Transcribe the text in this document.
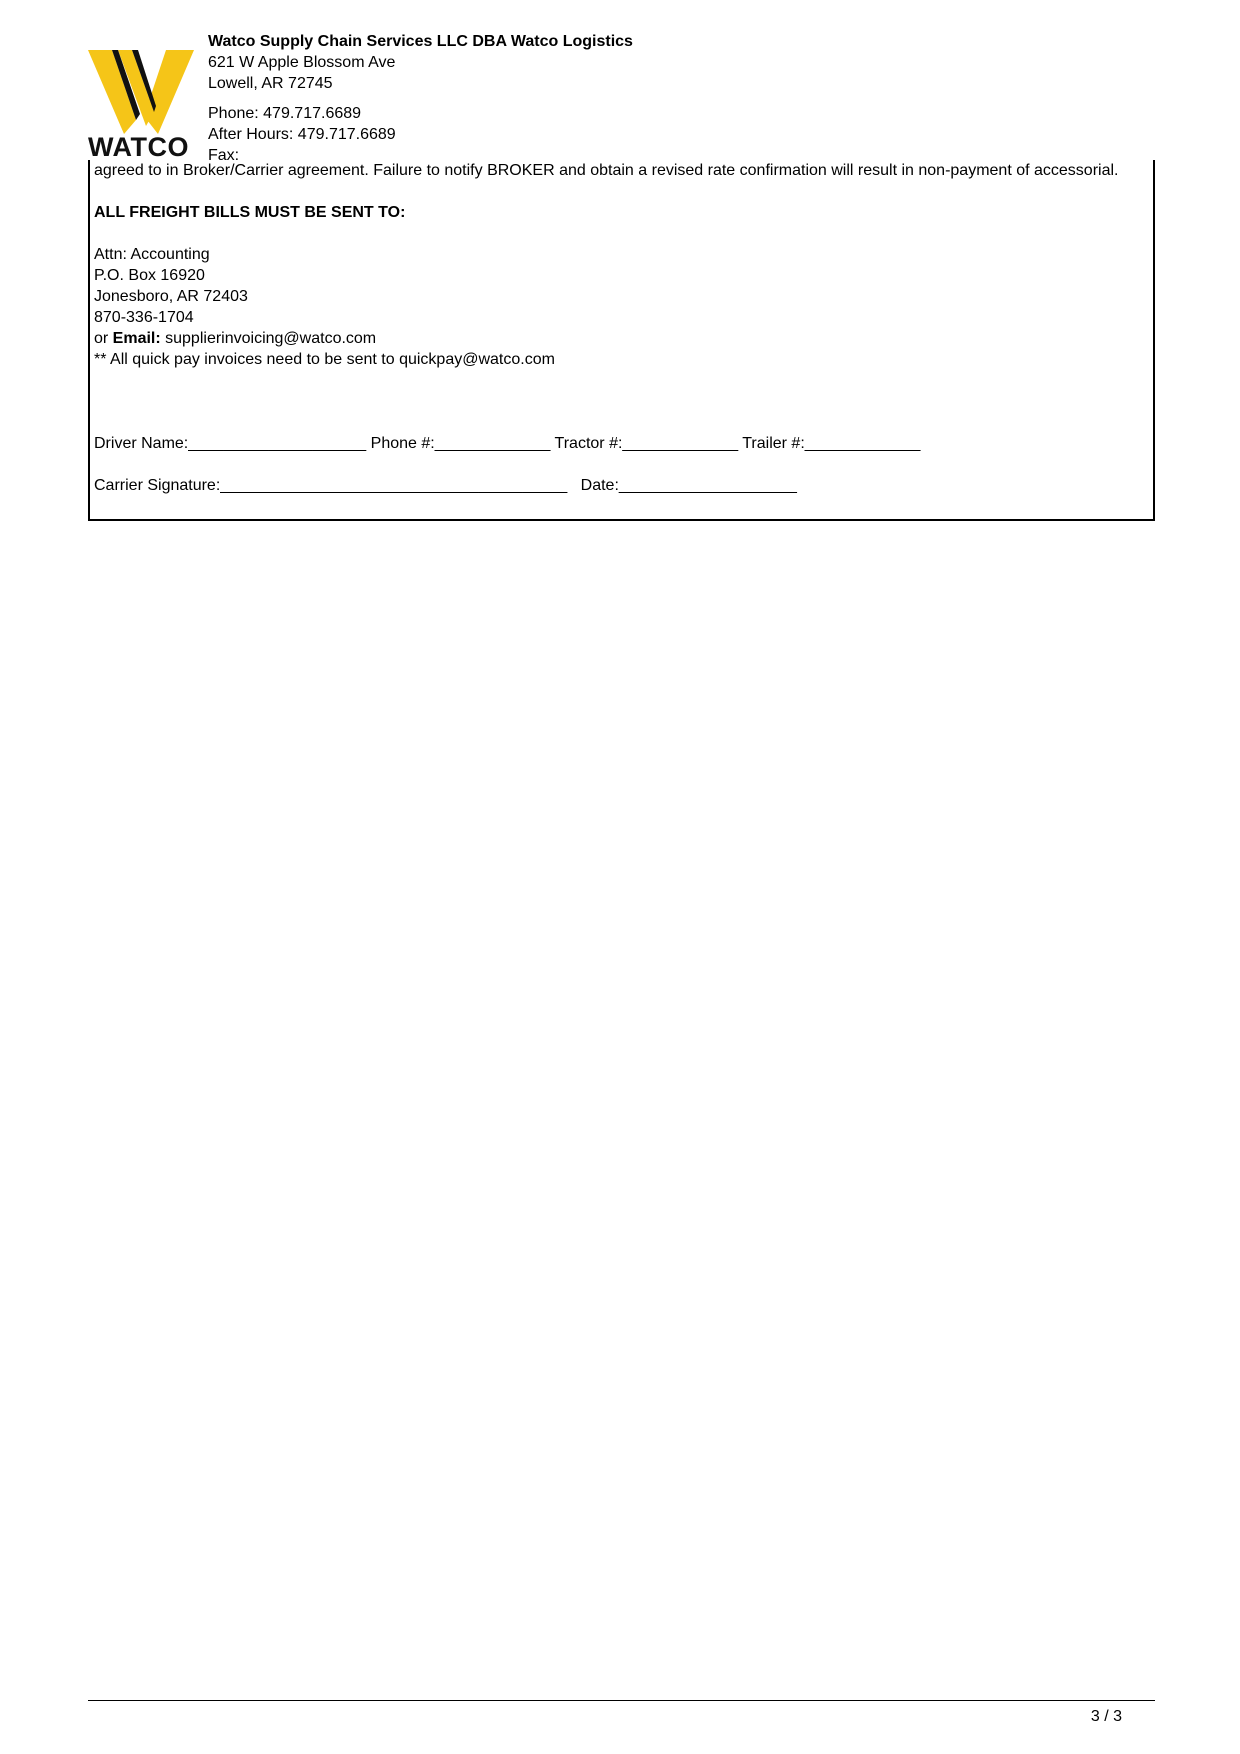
WATCO
Watco Supply Chain Services LLC DBA Watco Logistics
621 W Apple Blossom Ave
Lowell, AR 72745
Phone: 479.717.6689
After Hours: 479.717.6689
Fax:

agreed to in Broker/Carrier agreement. Failure to notify BROKER and obtain a revised rate confirmation will result in non-payment of accessorial.

ALL FREIGHT BILLS MUST BE SENT TO:

Attn: Accounting

P.O. Box 16920

Jonesboro, AR 72403

870-336-1704

or Email: supplierinvoicing@watco.com

** All quick pay invoices need to be sent to quickpay@watco.com

Driver Name:____________________ Phone #:_____________ Tractor #:_____________ Trailer #:_____________
Carrier Signature:_______________________________________   Date:____________________
3 / 3
